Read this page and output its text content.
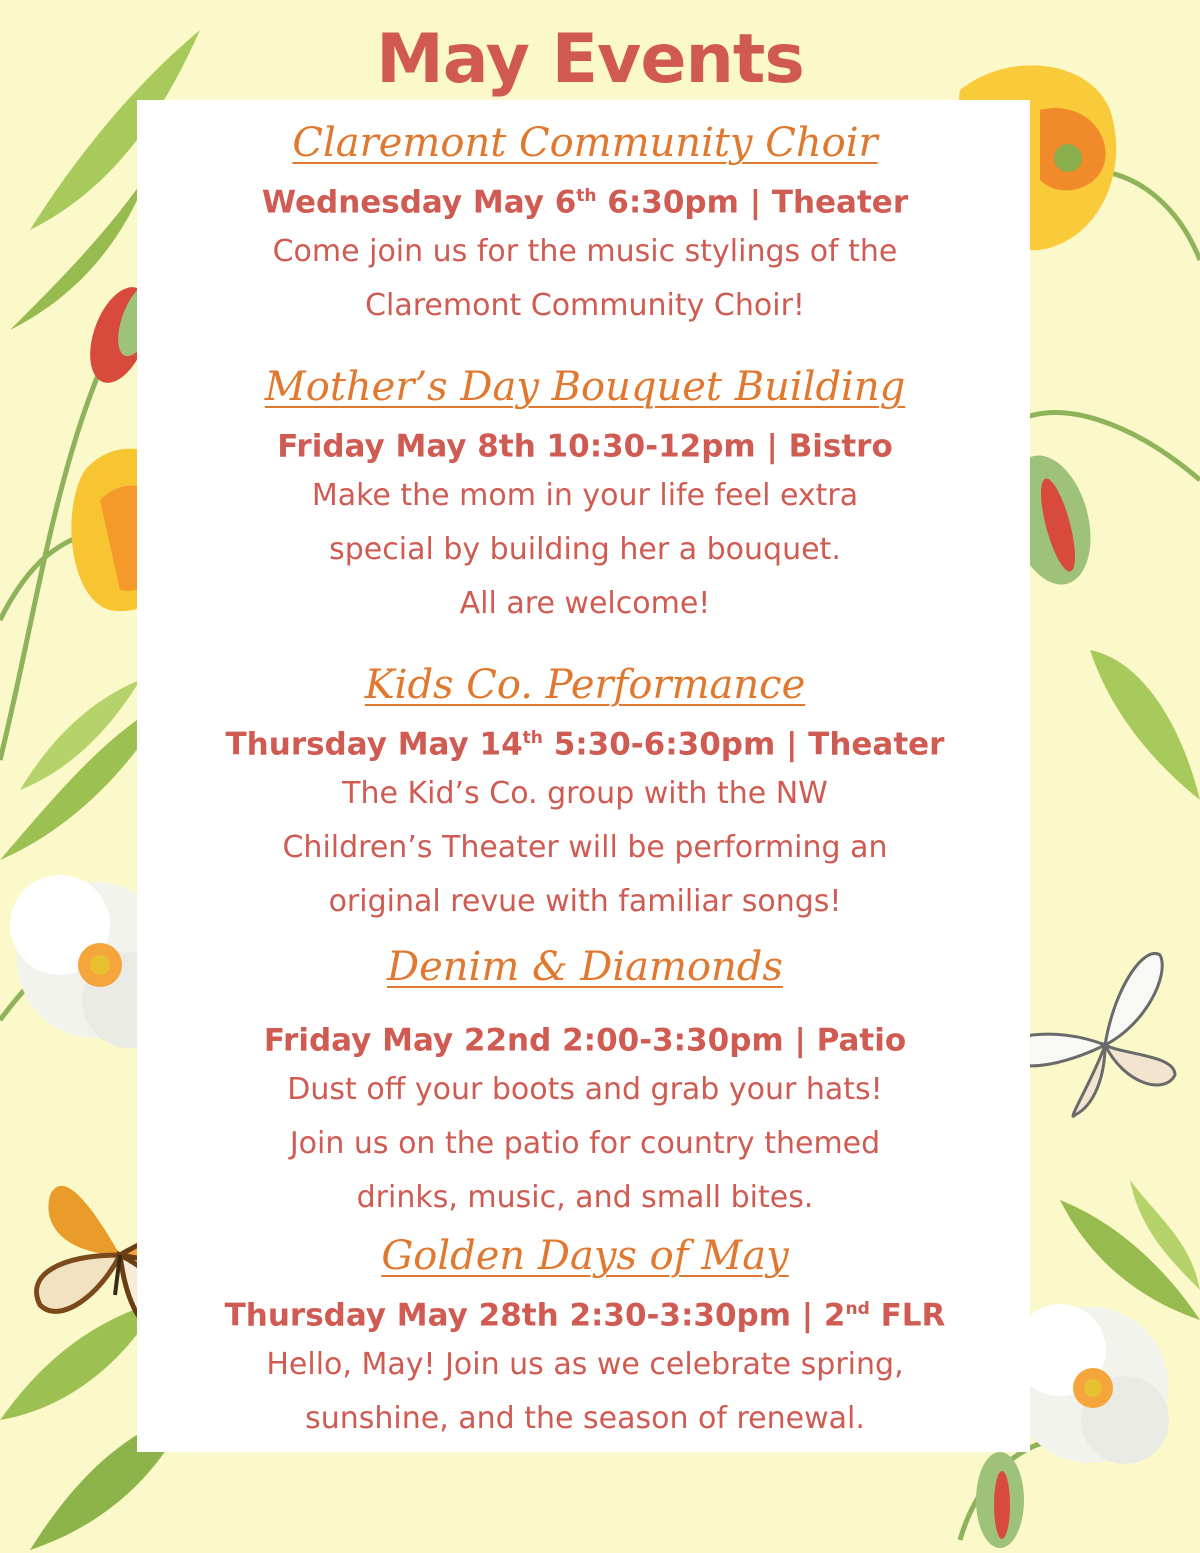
May Events
Claremont Community Choir
Wednesday May 6th 6:30pm | Theater
Come join us for the music stylings of the
Claremont Community Choir!
Mother’s Day Bouquet Building
Friday May 8th 10:30-12pm | Bistro
Make the mom in your life feel extra
special by building her a bouquet.
All are welcome!
Kids Co. Performance
Thursday May 14th 5:30-6:30pm | Theater
The Kid’s Co. group with the NW
Children’s Theater will be performing an
original revue with familiar songs!
Denim & Diamonds
Friday May 22nd 2:00-3:30pm | Patio
Dust off your boots and grab your hats!
Join us on the patio for country themed
drinks, music, and small bites.
Golden Days of May
Thursday May 28th 2:30-3:30pm | 2nd FLR
Hello, May! Join us as we celebrate spring,
sunshine, and the season of renewal.
